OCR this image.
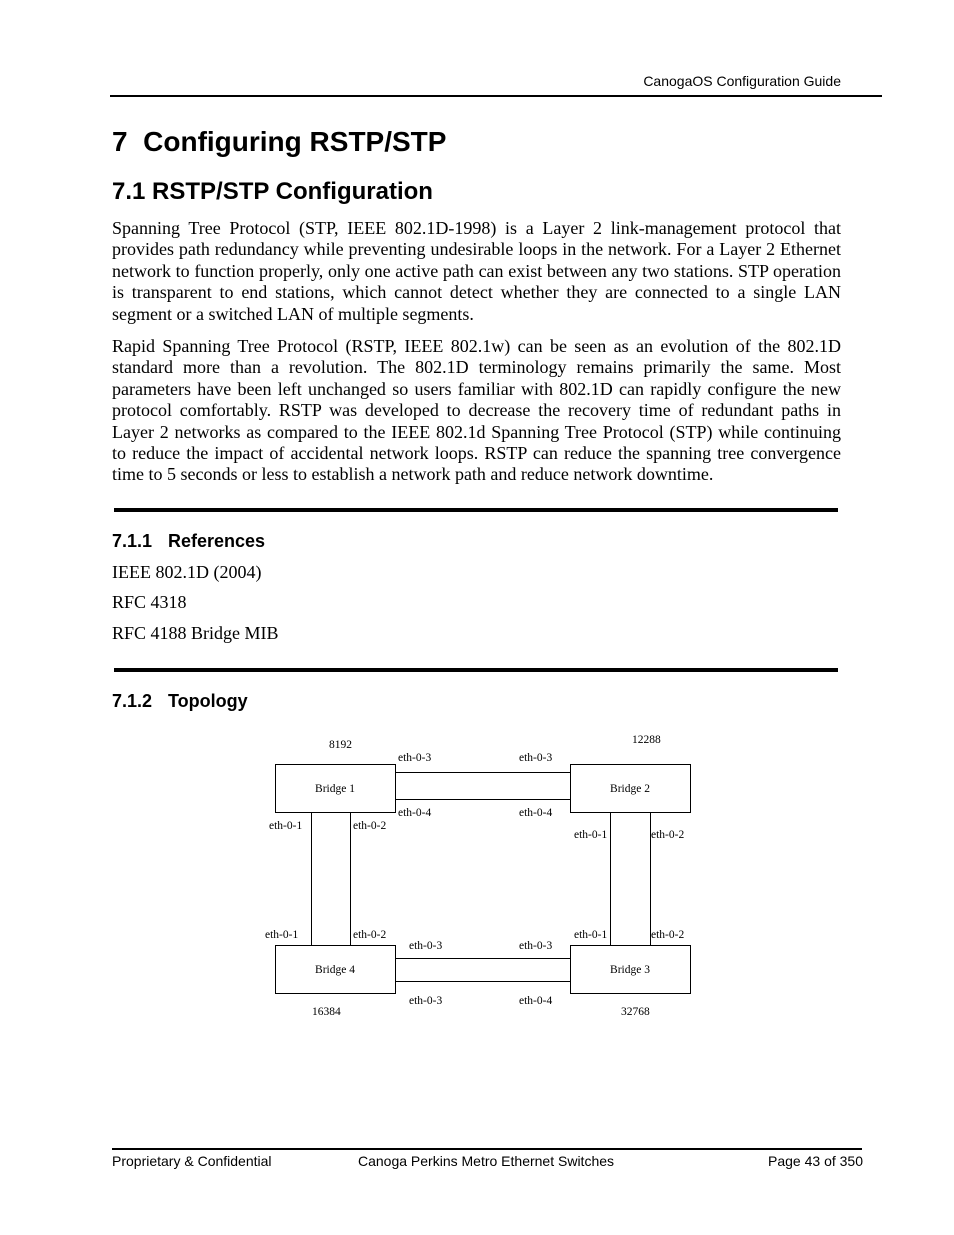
CanogaOS Configuration Guide
7 Configuring RSTP/STP
7.1 RSTP/STP Configuration

Spanning Tree Protocol (STP, IEEE 802.1D-1998) is a Layer 2 link-management protocol that provides path redundancy while preventing undesirable loops in the network. For a Layer 2 Ethernet network to function properly, only one active path can exist between any two stations. STP operation is transparent to end stations, which cannot detect whether they are connected to a single LAN segment or a switched LAN of multiple segments.

Rapid Spanning Tree Protocol (RSTP, IEEE 802.1w) can be seen as an evolution of the 802.1D standard more than a revolution. The 802.1D terminology remains primarily the same. Most parameters have been left unchanged so users familiar with 802.1D can rapidly configure the new protocol comfortably. RSTP was developed to decrease the recovery time of redundant paths in Layer 2 networks as compared to the IEEE 802.1d Spanning Tree Protocol (STP) while continuing to reduce the impact of accidental network loops. RSTP can reduce the spanning tree convergence time to 5 seconds or less to establish a network path and reduce network downtime.

7.1.1 References
IEEE 802.1D (2004)
RFC 4318
RFC 4188 Bridge MIB
7.1.2 Topology
Bridge 1	Bridge 2
Bridge 3
Bridge 4
8192	12288
32768
16384
eth-0-3	eth-0-3
eth-0-4	eth-0-4
eth-0-1	eth-0-2
eth-0-1	eth-0-2
eth-0-1	eth-0-2	eth-0-1	eth-0-2
eth-0-3	eth-0-3
eth-0-3	eth-0-4
Proprietary & Confidential	Canoga Perkins Metro Ethernet Switches	Page 43 of 350
